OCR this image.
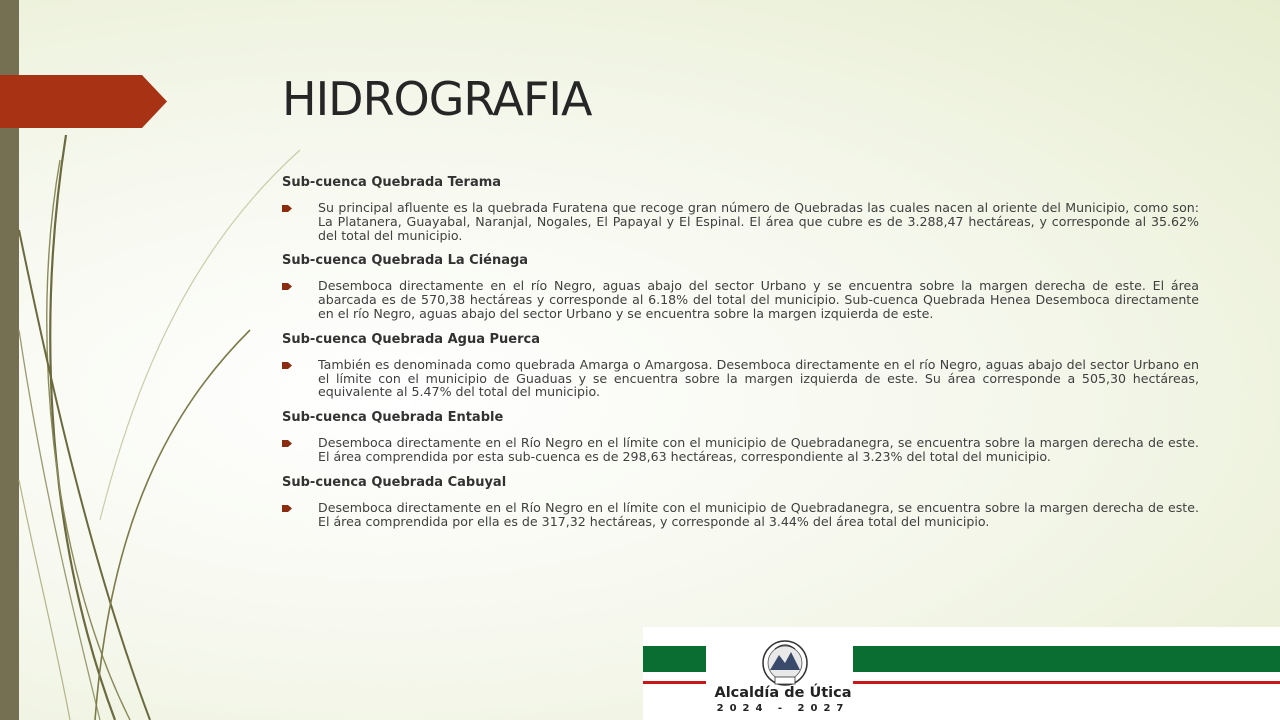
HIDROGRAFIA
Sub-cuenca Quebrada Terama

Su principal afluente es la quebrada Furatena que recoge gran número de Quebradas las cuales nacen al oriente del Municipio, como son: La Platanera, Guayabal, Naranjal, Nogales, El Papayal y El Espinal. El área que cubre es de 3.288,47 hectáreas, y corresponde al 35.62% del total del municipio.

Sub-cuenca Quebrada La Ciénaga

Desemboca directamente en el río Negro, aguas abajo del sector Urbano y se encuentra sobre la margen derecha de este. El área abarcada es de 570,38 hectáreas y corresponde al 6.18% del total del municipio. Sub-cuenca Quebrada Henea Desemboca directamente en el río Negro, aguas abajo del sector Urbano y se encuentra sobre la margen izquierda de este.

Sub-cuenca Quebrada Agua Puerca

También es denominada como quebrada Amarga o Amargosa. Desemboca directamente en el río Negro, aguas abajo del sector Urbano en el límite con el municipio de Guaduas y se encuentra sobre la margen izquierda de este. Su área corresponde a 505,30 hectáreas, equivalente al 5.47% del total del municipio.

Sub-cuenca Quebrada Entable

Desemboca directamente en el Río Negro en el límite con el municipio de Quebradanegra, se encuentra sobre la margen derecha de este. El área comprendida por esta sub-cuenca es de 298,63 hectáreas, correspondiente al 3.23% del total del municipio.

Sub-cuenca Quebrada Cabuyal

Desemboca directamente en el Río Negro en el límite con el municipio de Quebradanegra, se encuentra sobre la margen derecha de este. El área comprendida por ella es de 317,32 hectáreas, y corresponde al 3.44% del área total del municipio.

Alcaldía de Útica
2024 - 2027
